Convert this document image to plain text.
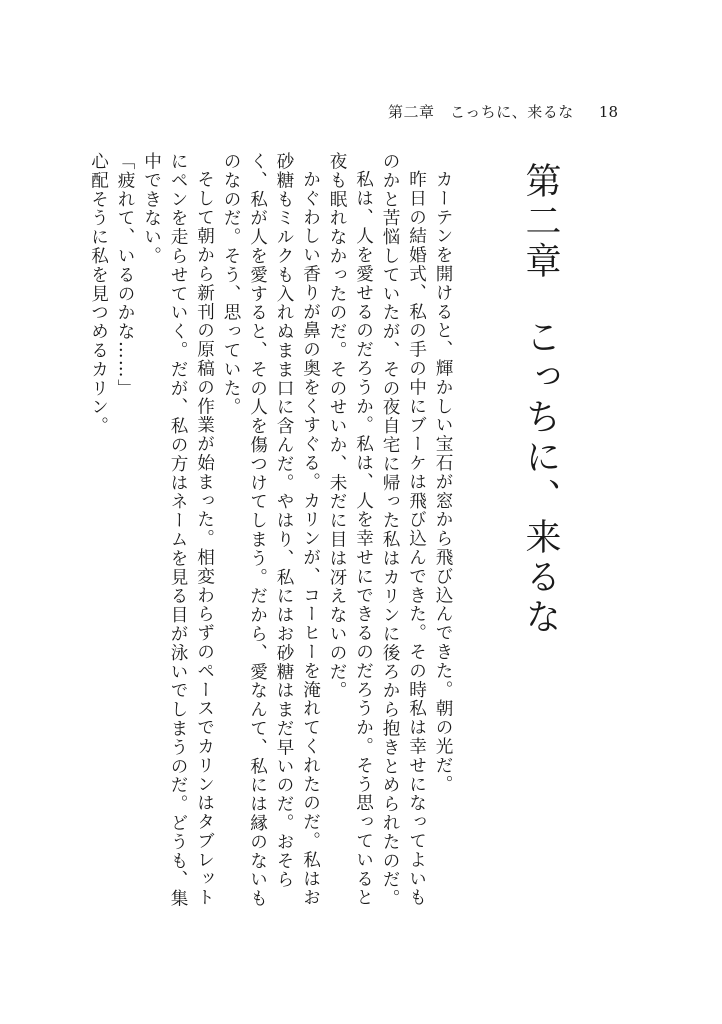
第二章　こっちに、来るな 18
第二章こっちに、来るな

カーテンを開けると、輝かしい宝石が窓から飛び込んできた。朝の光だ。

昨日の結婚式、私の手の中にブーケは飛び込んできた。その時私は幸せになってよいものかと苦悩していたが、その夜自宅に帰った私はカリンに後ろから抱きとめられたのだ。

私は、人を愛せるのだろうか。私は、人を幸せにできるのだろうか。そう思っていると夜も眠れなかったのだ。そのせいか、未だに目は冴えないのだ。

かぐわしい香りが鼻の奥をくすぐる。カリンが、コーヒーを淹れてくれたのだ。私はお砂糖もミルクも入れぬまま口に含んだ。やはり、私にはお砂糖はまだ早いのだ。おそらく、私が人を愛すると、その人を傷つけてしまう。だから、愛なんて、私には縁のないものなのだ。そう、思っていた。

そして朝から新刊の原稿の作業が始まった。相変わらずのペースでカリンはタブレットにペンを走らせていく。だが、私の方はネームを見る目が泳いでしまうのだ。どうも、集中できない。

「疲れて、いるのかな……」

心配そうに私を見つめるカリン。
